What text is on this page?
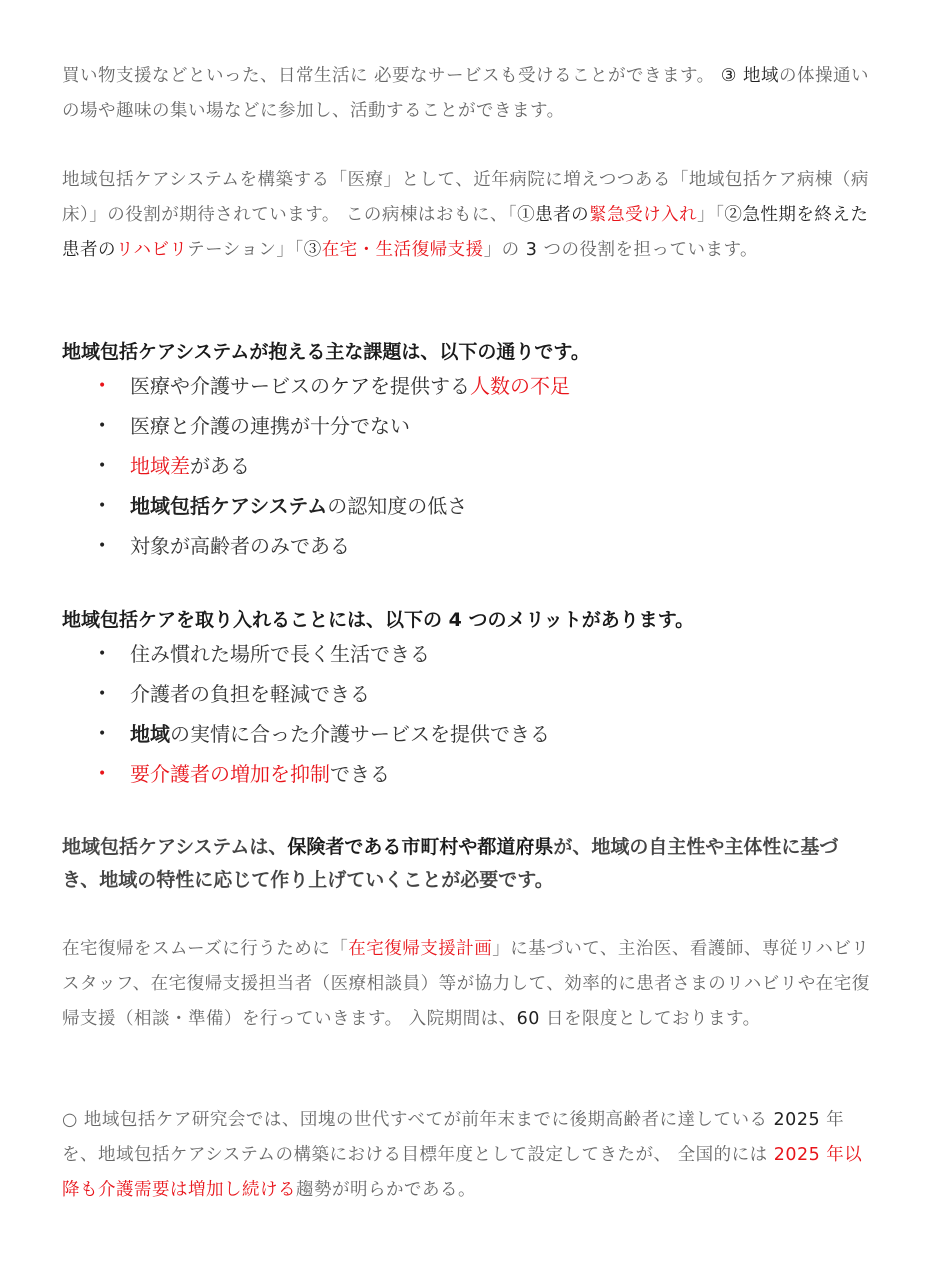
買い物支援などといった、日常生活に 必要なサービスも受けることができます。 ③ 地域の体操通いの場や趣味の集い場などに参加し、活動することができます。
地域包括ケアシステムを構築する「医療」として、近年病院に増えつつある「地域包括ケア病棟（病床）」の役割が期待されています。 この病棟はおもに、「①患者の緊急受け入れ」「②急性期を終えた患者のリハビリテーション」「③在宅・生活復帰支援」の 3 つの役割を担っています。
地域包括ケアシステムが抱える主な課題は、以下の通りです。
• 医療や介護サービスのケアを提供する人数の不足
• 医療と介護の連携が十分でない
• 地域差がある
• 地域包括ケアシステムの認知度の低さ
• 対象が高齢者のみである
地域包括ケアを取り入れることには、以下の 4 つのメリットがあります。
• 住み慣れた場所で長く生活できる
• 介護者の負担を軽減できる
• 地域の実情に合った介護サービスを提供できる
• 要介護者の増加を抑制できる
地域包括ケアシステムは、保険者である市町村や都道府県が、地域の自主性や主体性に基づき、地域の特性に応じて作り上げていくことが必要です。
在宅復帰をスムーズに行うために「在宅復帰支援計画」に基づいて、主治医、看護師、専従リハビリスタッフ、在宅復帰支援担当者（医療相談員）等が協力して、効率的に患者さまのリハビリや在宅復帰支援（相談・準備）を行っていきます。 入院期間は、60 日を限度としております。
○ 地域包括ケア研究会では、団塊の世代すべてが前年末までに後期高齢者に達している 2025 年を、地域包括ケアシステムの構築における目標年度として設定してきたが、 全国的には 2025 年以降も介護需要は増加し続ける趨勢が明らかである。
